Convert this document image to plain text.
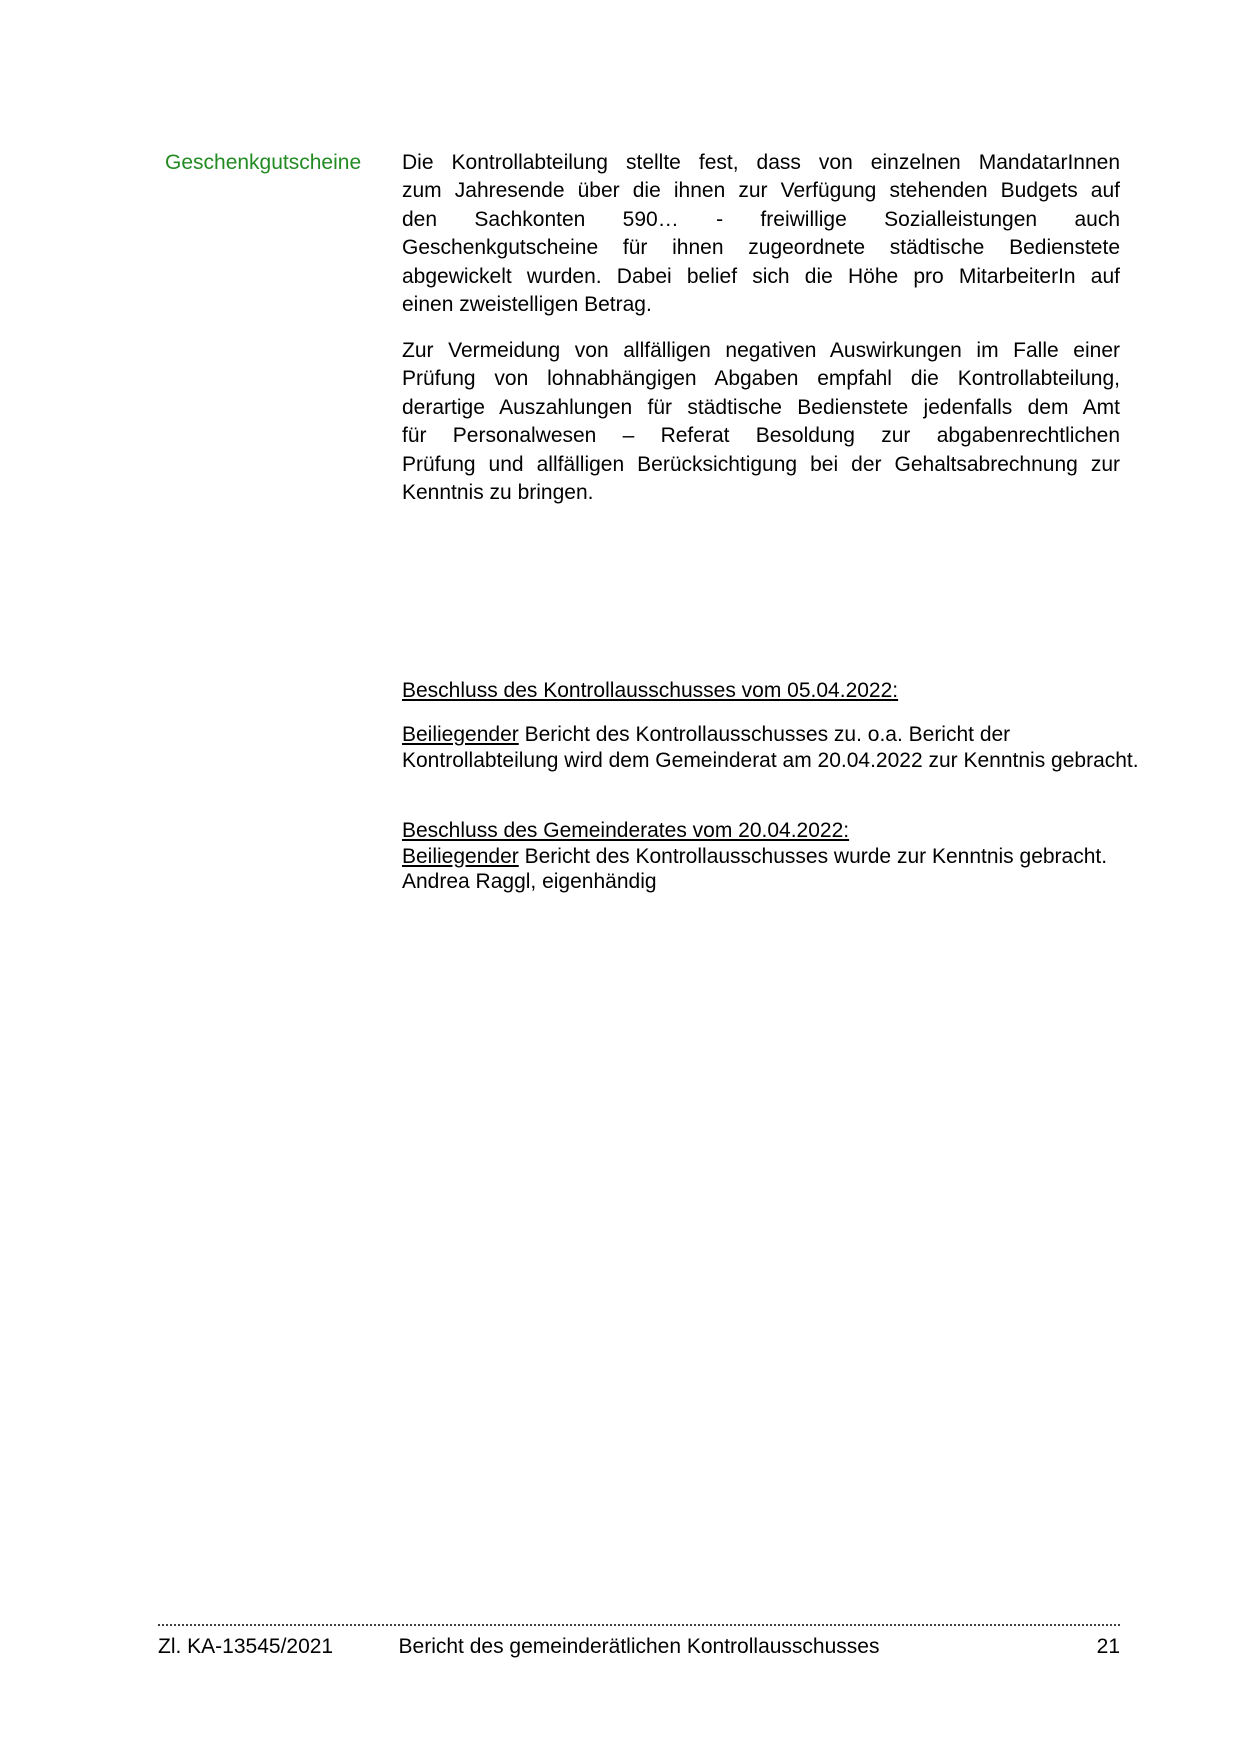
Geschenkgutscheine Die Kontrollabteilung stellte fest, dass von einzelnen MandatarInnen
zum Jahresende über die ihnen zur Verfügung stehenden Budgets auf
den Sachkonten 590… - freiwillige Sozialleistungen auch
Geschenkgutscheine für ihnen zugeordnete städtische Bedienstete
abgewickelt wurden. Dabei belief sich die Höhe pro MitarbeiterIn auf
einen zweistelligen Betrag.
Zur Vermeidung von allfälligen negativen Auswirkungen im Falle einer
Prüfung von lohnabhängigen Abgaben empfahl die Kontrollabteilung,
derartige Auszahlungen für städtische Bedienstete jedenfalls dem Amt
für Personalwesen – Referat Besoldung zur abgabenrechtlichen
Prüfung und allfälligen Berücksichtigung bei der Gehaltsabrechnung zur
Kenntnis zu bringen.
Beschluss des Kontrollausschusses vom 05.04.2022:
Beiliegender Bericht des Kontrollausschusses zu. o.a. Bericht der
Kontrollabteilung wird dem Gemeinderat am 20.04.2022 zur Kenntnis gebracht.
Beschluss des Gemeinderates vom 20.04.2022:
Beiliegender Bericht des Kontrollausschusses wurde zur Kenntnis gebracht.
Andrea Raggl, eigenhändig
Zl. KA-13545/2021	Bericht des gemeinderätlichen Kontrollausschusses	21
